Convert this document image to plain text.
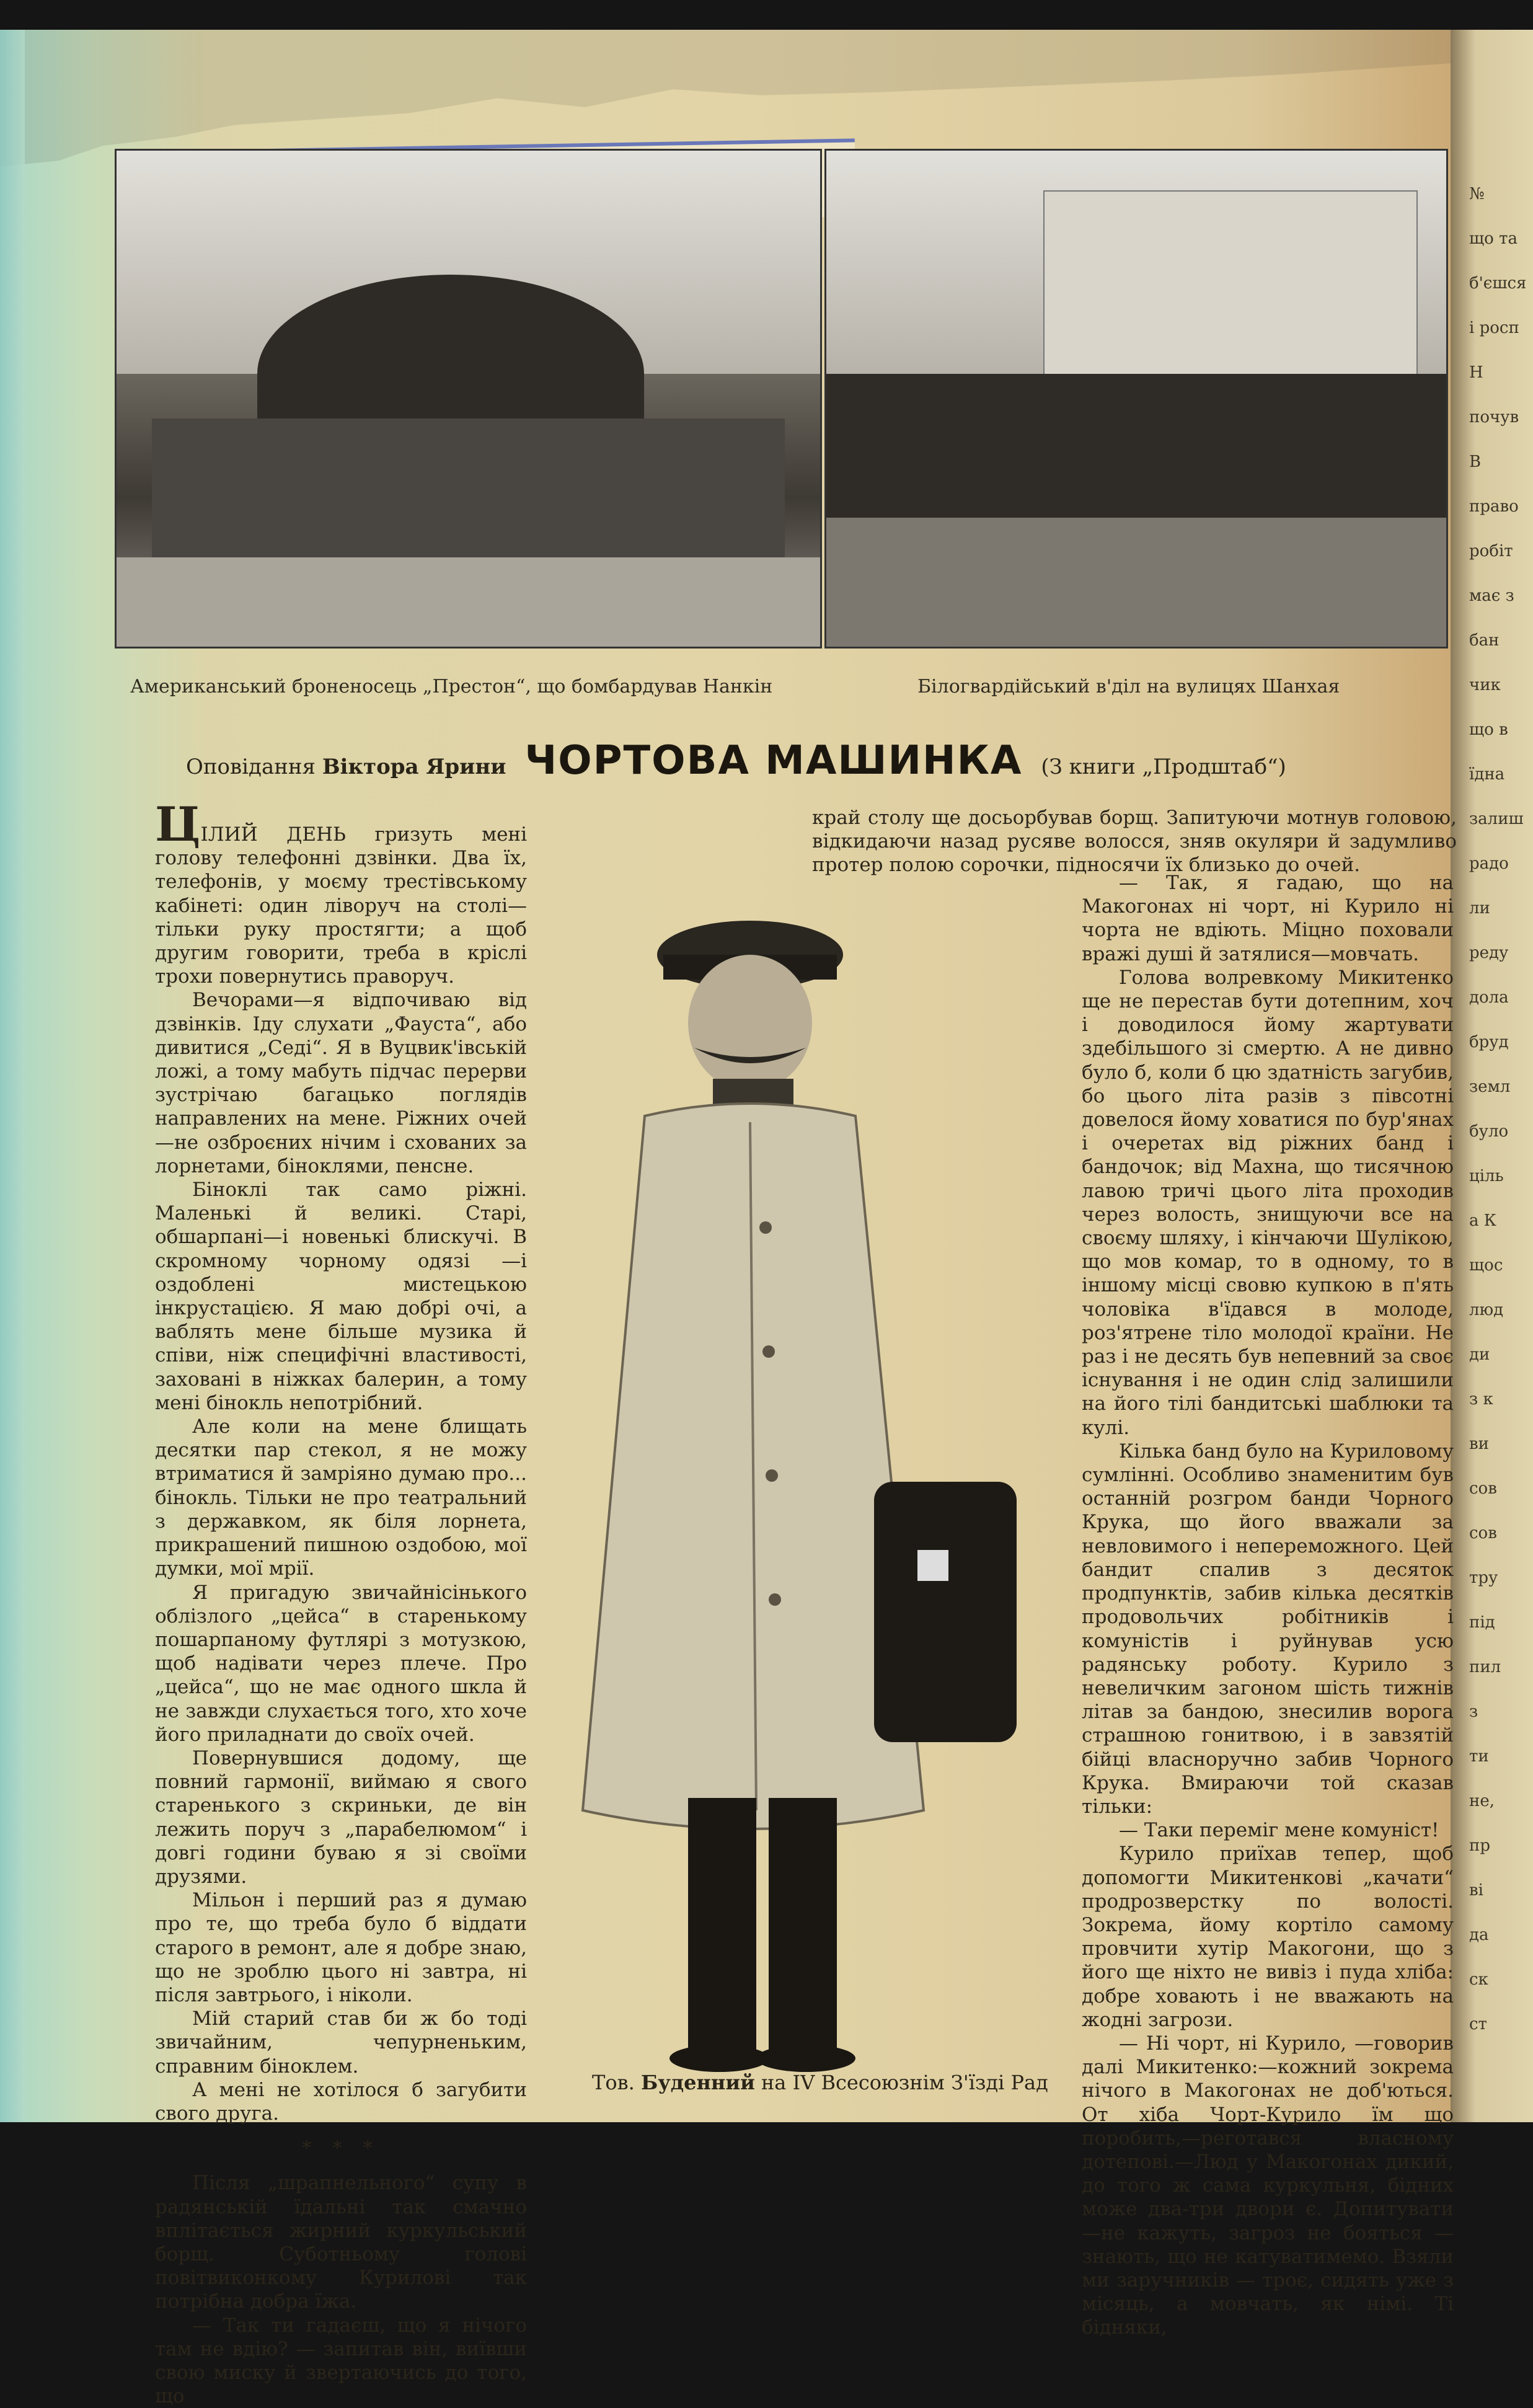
№
що та
б'єшся
і росп
Н
почув
В
право
робіт
має з
бан
чик
що в
їдна
залиш
радо
ли
реду
дола
бруд
земл
було
ціль
а К
щос
люд
ди
з к
ви
сов
сов
тру
під
пил
з
ти
не,
пр
ві
да
ск
ст
Американський броненосець „Престон“, що бомбардував Нанкін	Білогвардійський в'діл на вулицях Шанхая
Оповідання Віктора Ярини ЧОРТОВА МАШИНКА (З книги „Продштаб“)

ЦІЛИЙ ДЕНЬ гризуть мені голову телефонні дзвінки. Два їх, телефонів, у моєму трестівському кабінеті: один ліворуч на столі—тільки руку простягти; а щоб другим говорити, треба в кріслі трохи повернутись праворуч.

Вечорами—я відпочиваю від дзвінків. Іду слухати „Фауста“, або дивитися „Седі“. Я в Вуцвик'івській ложі, а тому мабуть підчас перерви зустрічаю багацько поглядів направлених на мене. Ріжних очей—не озброєних нічим і схованих за лорнетами, біноклями, пенсне.

Біноклі так само ріжні. Маленькі й великі. Старі, обшарпані—і новенькі блискучі. В скромному чорному одязі —і оздоблені мистецькою інкрустацією. Я маю добрі очі, а ваблять мене більше музика й співи, ніж специфічні властивості, заховані в ніжках балерин, а тому мені бінокль непотрібний.

Але коли на мене блищать десятки пар стекол, я не можу втриматися й замріяно думаю про... бінокль. Тільки не про театральний з державком, як біля лорнета, прикрашений пишною оздобою, мої думки, мої мрії.

Я пригадую звичайнісінького облізлого „цейса“ в старенькому пошарпаному футлярі з мотузкою, щоб надівати через плече. Про „цейса“, що не має одного шкла й не завжди слухається того, хто хоче його приладнати до своїх очей.

Повернувшися додому, ще повний гармонії, виймаю я свого старенького з скриньки, де він лежить поруч з „парабелюмом“ і довгі години буваю я зі своїми друзями.

Мільон і перший раз я думаю про те, що треба було б віддати старого в ремонт, але я добре знаю, що не зроблю цього ні завтра, ні після завтрього, і ніколи.

Мій старий став би ж бо тоді звичайним, чепурненьким, справним біноклем.

А мені не хотілося б загубити свого друга.

* * *

Після „шрапнельного“ супу в радянській їдальні так смачно вплітається жирний куркульський борщ. Суботньому голові повітвиконкому Курилові так потрібна добра їжа.

— Так ти гадаєш, що я нічого там не вдію? — запитав він, виївши свою миску й звертаючись до того, що

край столу ще досьорбував борщ. Запитуючи мотнув головою, відкидаючи назад русяве волосся, зняв окуляри й задумливо протер полою сорочки, підносячи їх близько до очей.

— Так, я гадаю, що на Макогонах ні чорт, ні Курило ні чорта не вдіють. Міцно поховали вражі душі й затялися—мовчать.

Голова волревкому Микитенко ще не перестав бути дотепним, хоч і доводилося йому жартувати здебільшого зі смертю. А не дивно було б, коли б цю здатність загубив, бо цього літа разів з півсотні довелося йому ховатися по бур'янах і очеретах від ріжних банд і бандочок; від Махна, що тисячною лавою тричі цього літа проходив через волость, знищуючи все на своєму шляху, і кінчаючи Шулікою, що мов комар, то в одному, то в іншому місці свовю купкою в п'ять чоловіка в'їдався в молоде, роз'ятрене тіло молодої країни. Не раз і не десять був непевний за своє існування і не один слід залишили на його тілі бандитські шаблюки та кулі.

Кілька банд було на Куриловому сумлінні. Особливо знаменитим був останній розгром банди Чорного Крука, що його вважали за невловимого і непереможного. Цей бандит спалив з десяток продпунктів, забив кілька десятків продовольчих робітників і комуністів і руйнував усю радянську роботу. Курило з невеличким загоном шість тижнів літав за бандою, знесилив ворога страшною гонитвою, і в завзятій бійці власноручно забив Чорного Крука. Вмираючи той сказав тільки:

— Таки переміг мене комуніст!

Курило приїхав тепер, щоб допомогти Микитенкові „качати“ продрозверстку по волості. Зокрема, йому кортіло самому провчити хутір Макогони, що з його ще ніхто не вивіз і пуда хліба: добре ховають і не вважають на жодні загрози.

— Ні чорт, ні Курило, —говорив далі Микитенко:—кожний зокрема нічого в Макогонах не доб'ються. От хіба Чорт-Курило їм що поробить,—реготався власному дотепові.—Люд у Макогонах дикий, до того ж сама куркульня, бідних може два-три двори є. Допитувати—не кажуть, загроз не бояться —знають, що не катуватимемо. Взяли ми заручників — троє, сидять уже з місяць, а мовчать, як німі. Ті бідняки,

Тов. Буденний на IV Всесоюзнім З'їзді Рад
